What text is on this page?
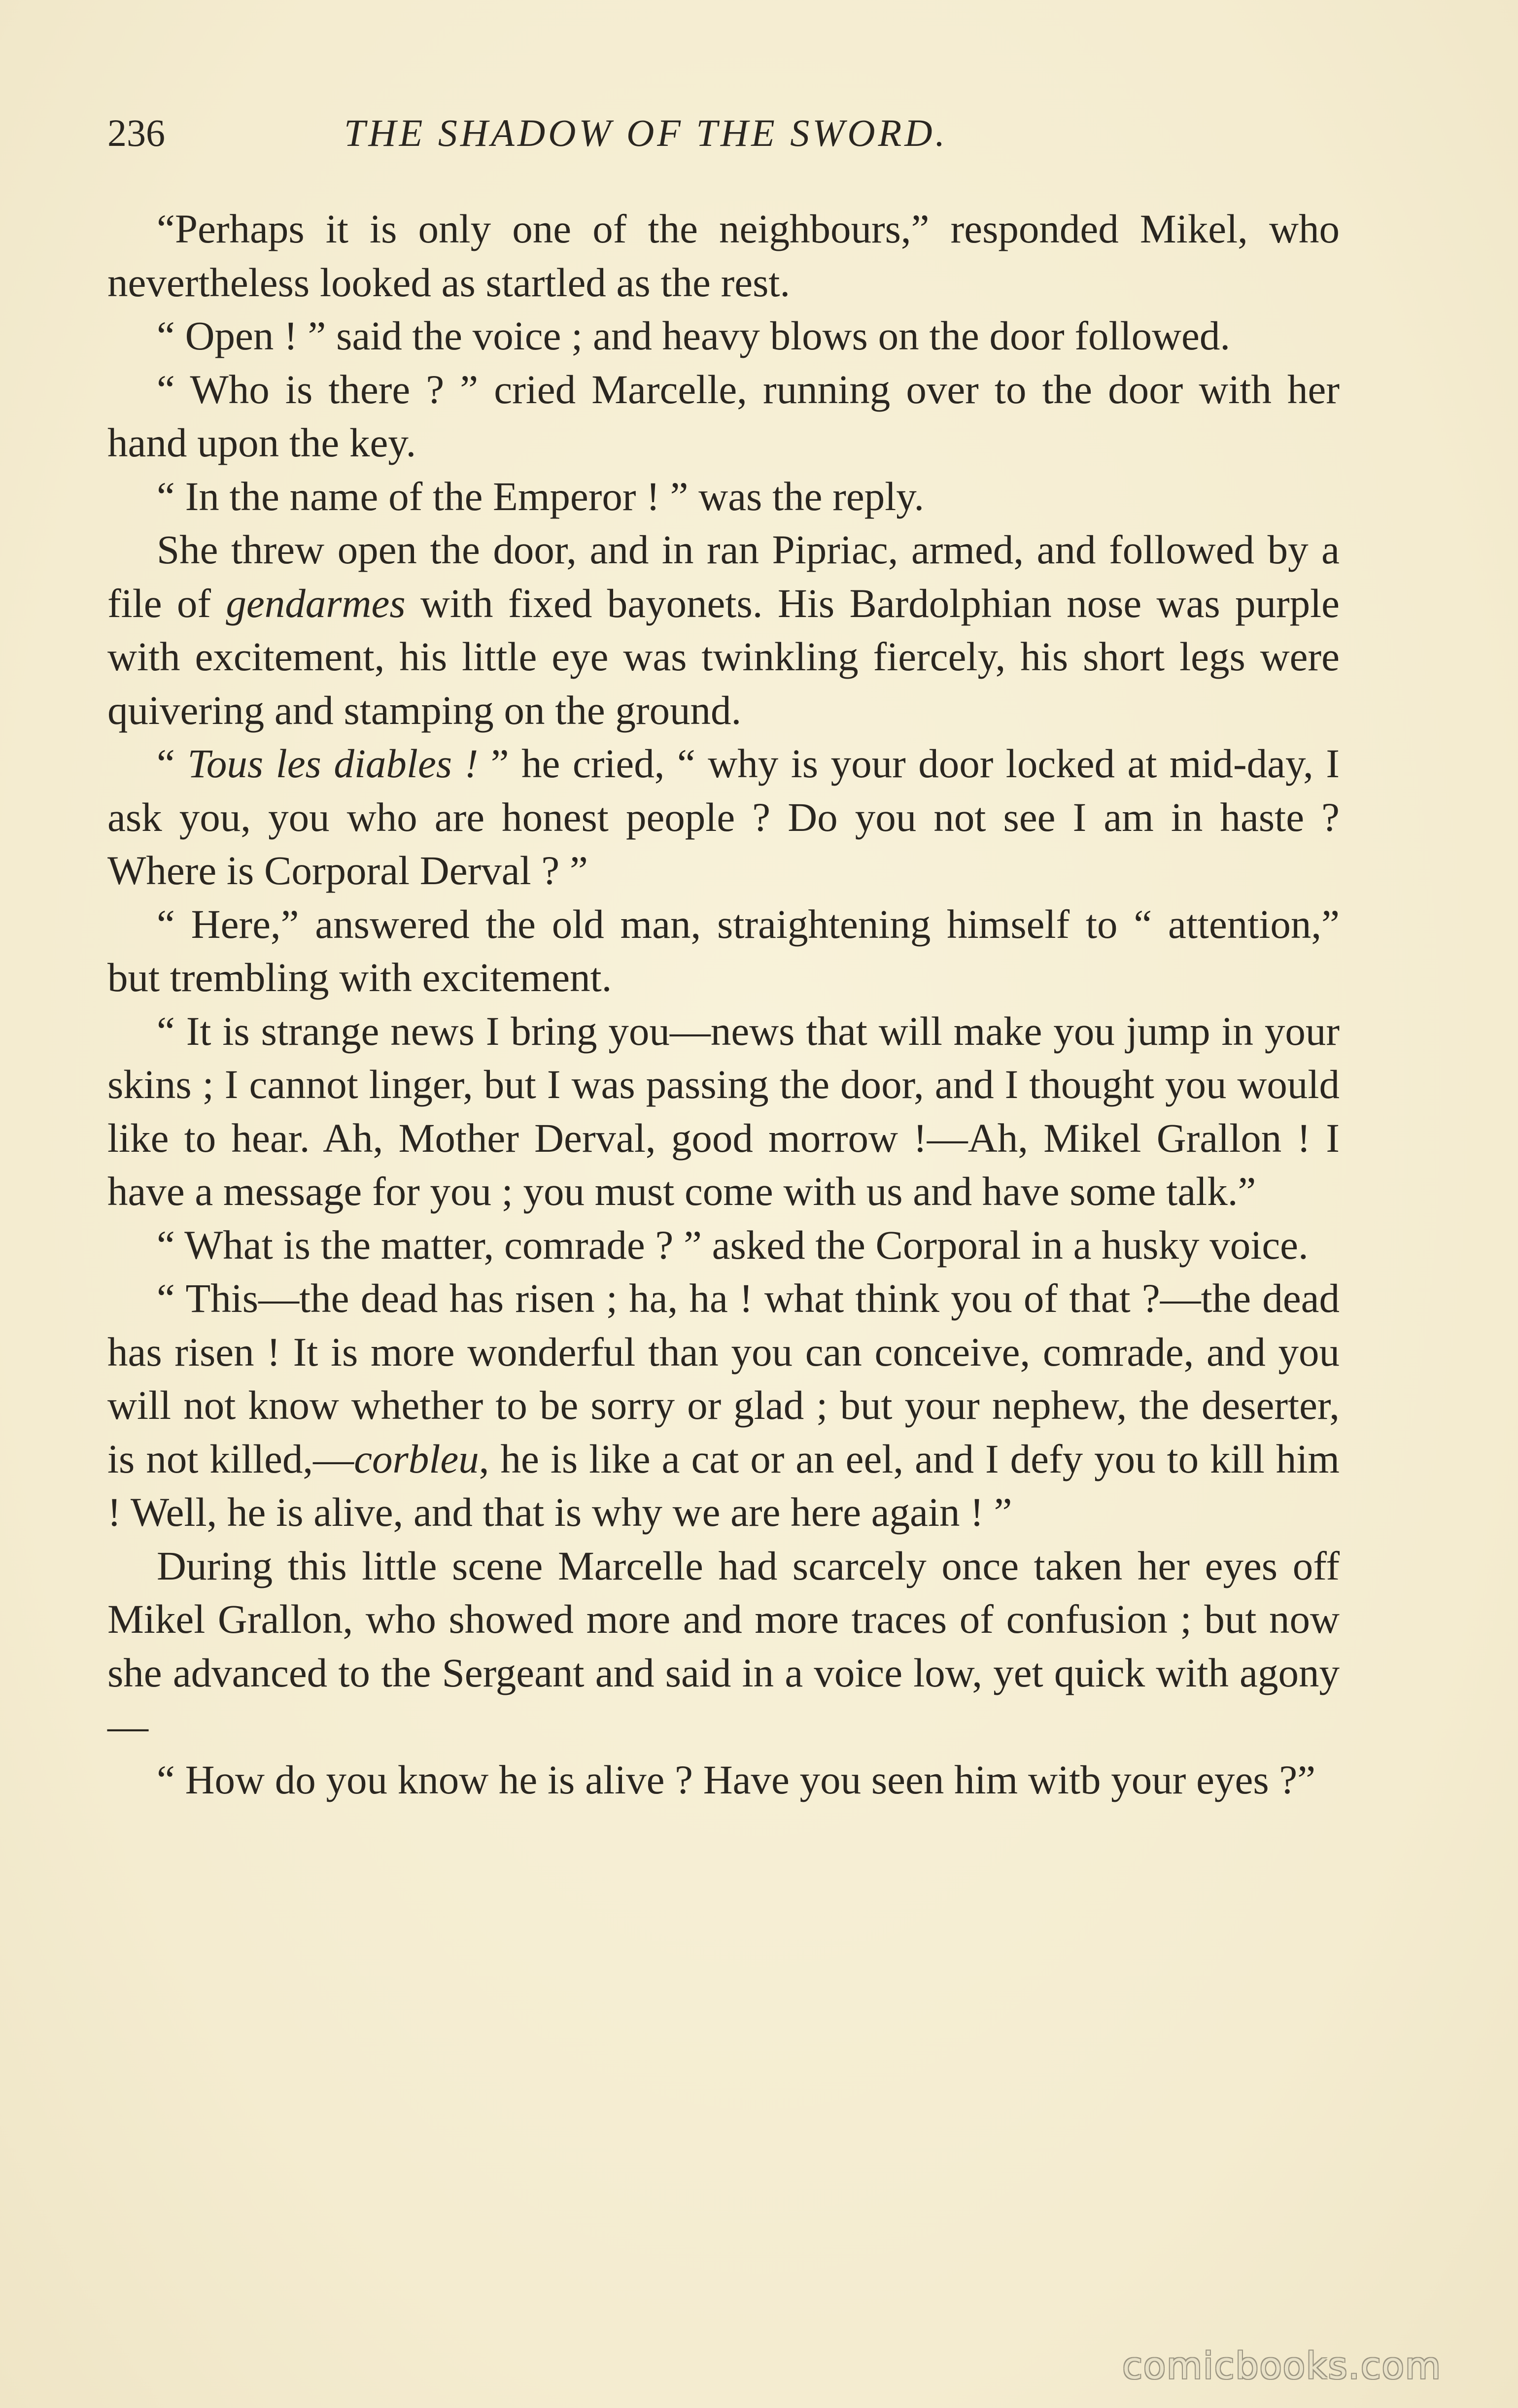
236	THE SHADOW OF THE SWORD.

“Perhaps it is only one of the neighbours,” responded Mikel, who nevertheless looked as startled as the rest.

“ Open ! ” said the voice ; and heavy blows on the door followed.

“ Who is there ? ” cried Marcelle, running over to the door with her hand upon the key.

“ In the name of the Emperor ! ” was the reply.

She threw open the door, and in ran Pipriac, armed, and followed by a file of gendarmes with fixed bayonets. His Bardolphian nose was purple with excitement, his little eye was twinkling fiercely, his short legs were quivering and stamping on the ground.

“ Tous les diables ! ” he cried, “ why is your door locked at mid-day, I ask you, you who are honest people ? Do you not see I am in haste ? Where is Corporal Derval ? ”

“ Here,” answered the old man, straightening himself to “ attention,” but trembling with excitement.

“ It is strange news I bring you—news that will make you jump in your skins ; I cannot linger, but I was passing the door, and I thought you would like to hear. Ah, Mother Derval, good morrow !—Ah, Mikel Grallon ! I have a message for you ; you must come with us and have some talk.”

“ What is the matter, comrade ? ” asked the Corporal in a husky voice.

“ This—the dead has risen ; ha, ha ! what think you of that ?—the dead has risen ! It is more wonderful than you can conceive, comrade, and you will not know whether to be sorry or glad ; but your nephew, the deserter, is not killed,—corbleu, he is like a cat or an eel, and I defy you to kill him ! Well, he is alive, and that is why we are here again ! ”

During this little scene Marcelle had scarcely once taken her eyes off Mikel Grallon, who showed more and more traces of confusion ; but now she advanced to the Sergeant and said in a voice low, yet quick with agony—

“ How do you know he is alive ? Have you seen him witb your eyes ?”

comicbooks.com
